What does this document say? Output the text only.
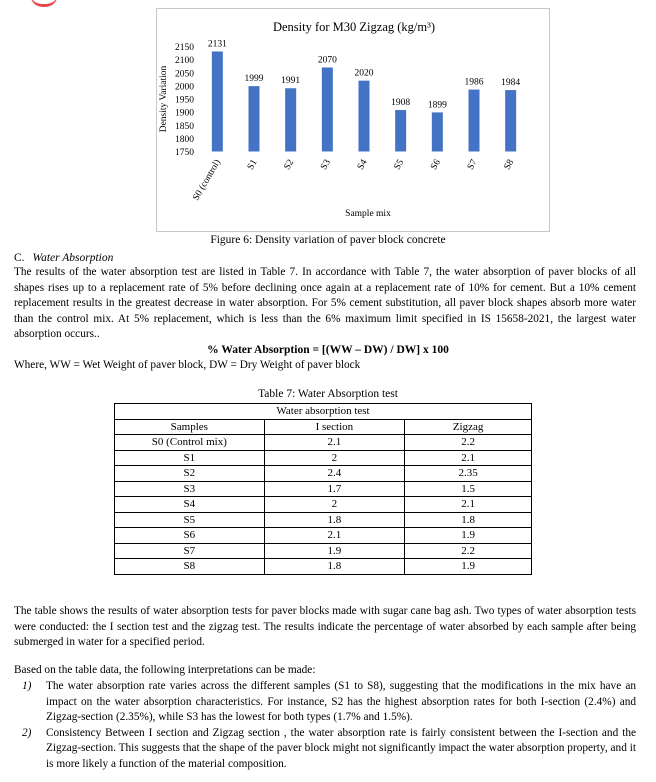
Density for M30 Zigzag (kg/m³)
1750
1800
1850
1900
1950
2000
2050
2100
2150
Density Variation
2131
S0 (control)
1999
S1
1991
S2
2070
S3
2020
S4
1908
S5
1899
S6
1986
S7
1984
S8
Sample mix
Figure 6: Density variation of paver block concrete
C. Water Absorption

The results of the water absorption test are listed in Table 7. In accordance with Table 7, the water absorption of paver blocks of all shapes rises up to a replacement rate of 5% before declining once again at a replacement rate of 10% for cement. But a 10% cement replacement results in the greatest decrease in water absorption. For 5% cement substitution, all paver block shapes absorb more water than the control mix. At 5% replacement, which is less than the 6% maximum limit specified in IS 15658-2021, the largest water absorption occurs..

% Water Absorption = [(WW – DW) / DW] x 100

Where, WW = Wet Weight of paver block, DW = Dry Weight of paver block

Table 7: Water Absorption test
Water absorption test		
Samples	I section	Zigzag
S0 (Control mix)	2.1	2.2
S1	2	2.1
S2	2.4	2.35
S3	1.7	1.5
S4	2	2.1
S5	1.8	1.8
S6	2.1	1.9
S7	1.9	2.2
S8	1.8	1.9

The table shows the results of water absorption tests for paver blocks made with sugar cane bag ash. Two types of water absorption tests were conducted: the I section test and the zigzag test. The results indicate the percentage of water absorbed by each sample after being submerged in water for a specified period.

Based on the table data, the following interpretations can be made:

1) The water absorption rate varies across the different samples (S1 to S8), suggesting that the modifications in the mix have an impact on the water absorption characteristics. For instance, S2 has the highest absorption rates for both I-section (2.4%) and Zigzag-section (2.35%), while S3 has the lowest for both types (1.7% and 1.5%).
2) Consistency Between I section and Zigzag section , the water absorption rate is fairly consistent between the I-section and the Zigzag-section. This suggests that the shape of the paver block might not significantly impact the water absorption property, and it is more likely a function of the material composition.
